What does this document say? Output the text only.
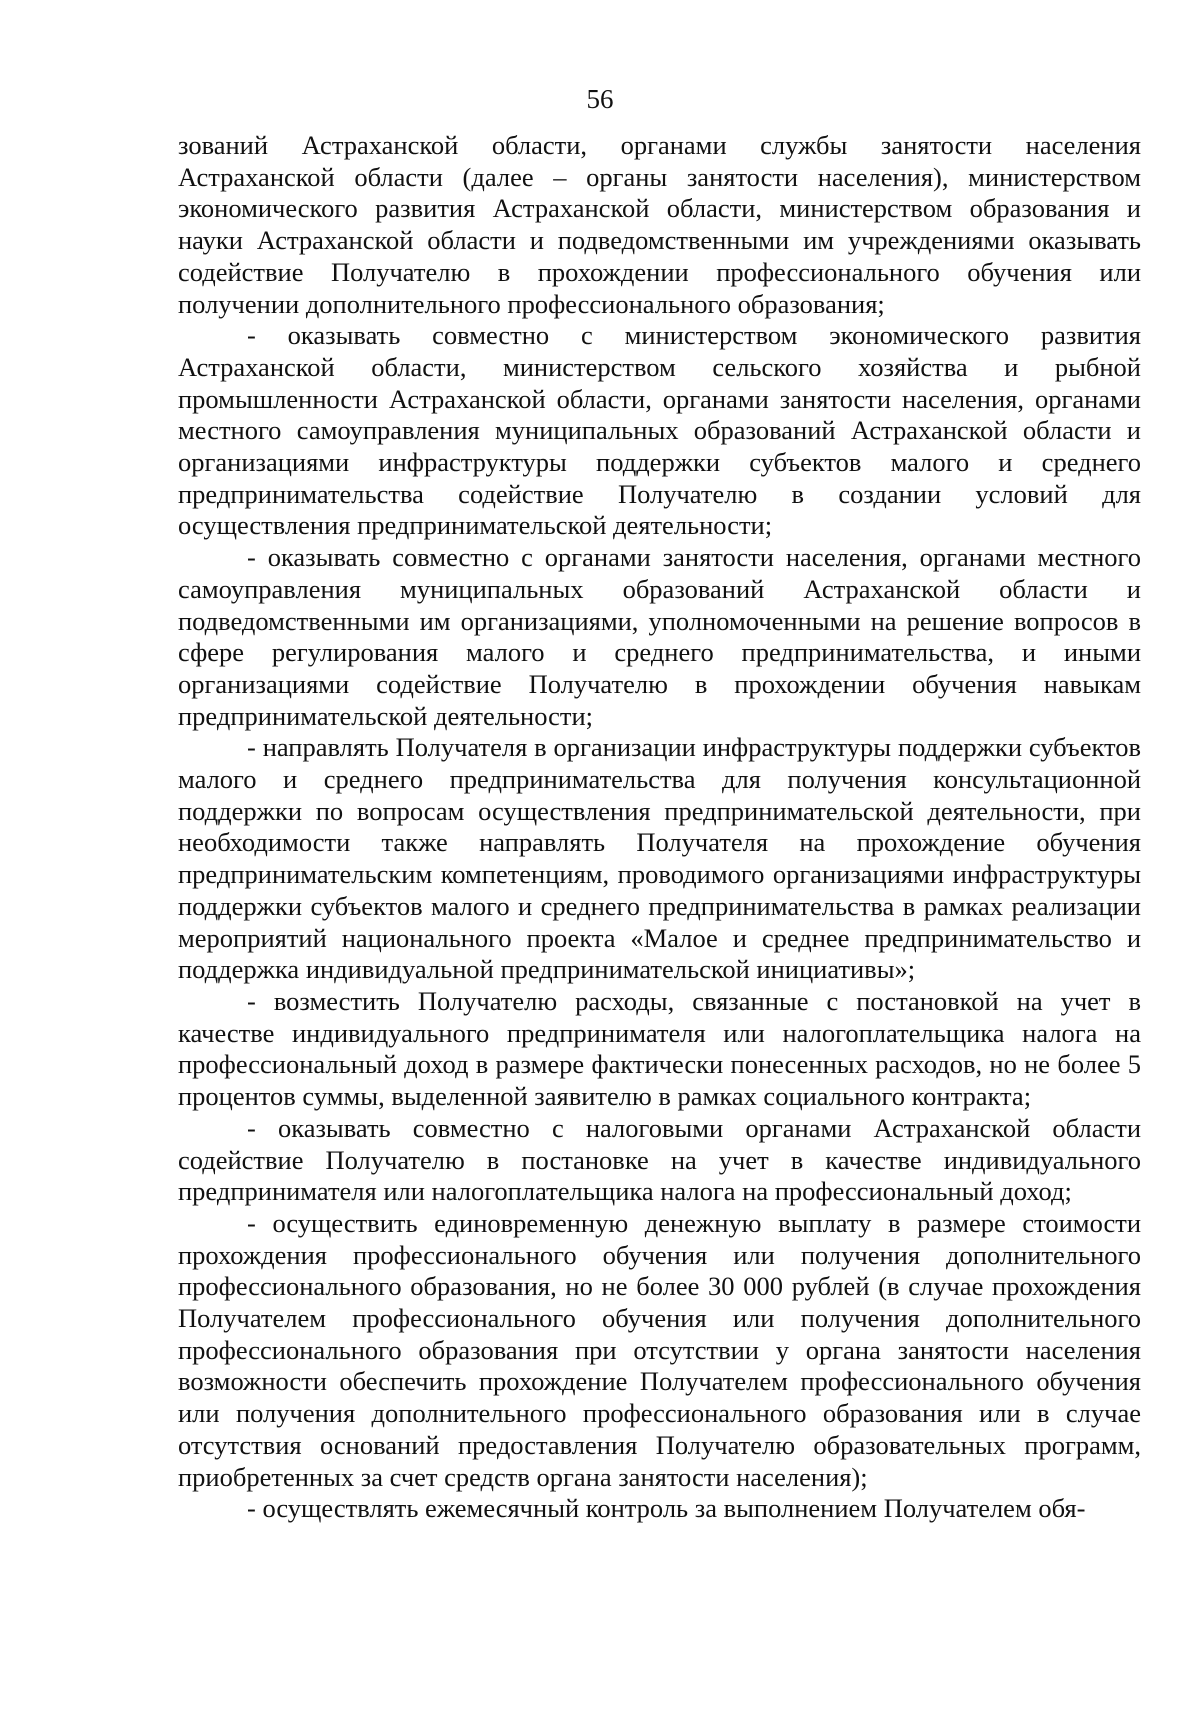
56

зований Астраханской области, органами службы занятости населения Астраханской области (далее – органы занятости населения), министерством экономического развития Астраханской области, министерством образования и науки Астраханской области и подведомственными им учреждениями оказывать содействие Получателю в прохождении профессионального обучения или получении дополнительного профессионального образования;

- оказывать совместно с министерством экономического развития Астраханской области, министерством сельского хозяйства и рыбной промышленности Астраханской области, органами занятости населения, органами местного самоуправления муниципальных образований Астраханской области и организациями инфраструктуры поддержки субъектов малого и среднего предпринимательства содействие Получателю в создании условий для осуществления предпринимательской деятельности;

- оказывать совместно с органами занятости населения, органами местного самоуправления муниципальных образований Астраханской области и подведомственными им организациями, уполномоченными на решение вопросов в сфере регулирования малого и среднего предпринимательства, и иными организациями содействие Получателю в прохождении обучения навыкам предпринимательской деятельности;

- направлять Получателя в организации инфраструктуры поддержки субъектов малого и среднего предпринимательства для получения консультационной поддержки по вопросам осуществления предпринимательской деятельности, при необходимости также направлять Получателя на прохождение обучения предпринимательским компетенциям, проводимого организациями инфраструктуры поддержки субъектов малого и среднего предпринимательства в рамках реализации мероприятий национального проекта «Малое и среднее предпринимательство и поддержка индивидуальной предпринимательской инициативы»;

- возместить Получателю расходы, связанные с постановкой на учет в качестве индивидуального предпринимателя или налогоплательщика налога на профессиональный доход в размере фактически понесенных расходов, но не более 5 процентов суммы, выделенной заявителю в рамках социального контракта;

- оказывать совместно с налоговыми органами Астраханской области содействие Получателю в постановке на учет в качестве индивидуального предпринимателя или налогоплательщика налога на профессиональный доход;

- осуществить единовременную денежную выплату в размере стоимости прохождения профессионального обучения или получения дополнительного профессионального образования, но не более 30 000 рублей (в случае прохождения Получателем профессионального обучения или получения дополнительного профессионального образования при отсутствии у органа занятости населения возможности обеспечить прохождение Получателем профессионального обучения или получения дополнительного профессионального образования или в случае отсутствия оснований предоставления Получателю образовательных программ, приобретенных за счет средств органа занятости населения);

- осуществлять ежемесячный контроль за выполнением Получателем обя-
